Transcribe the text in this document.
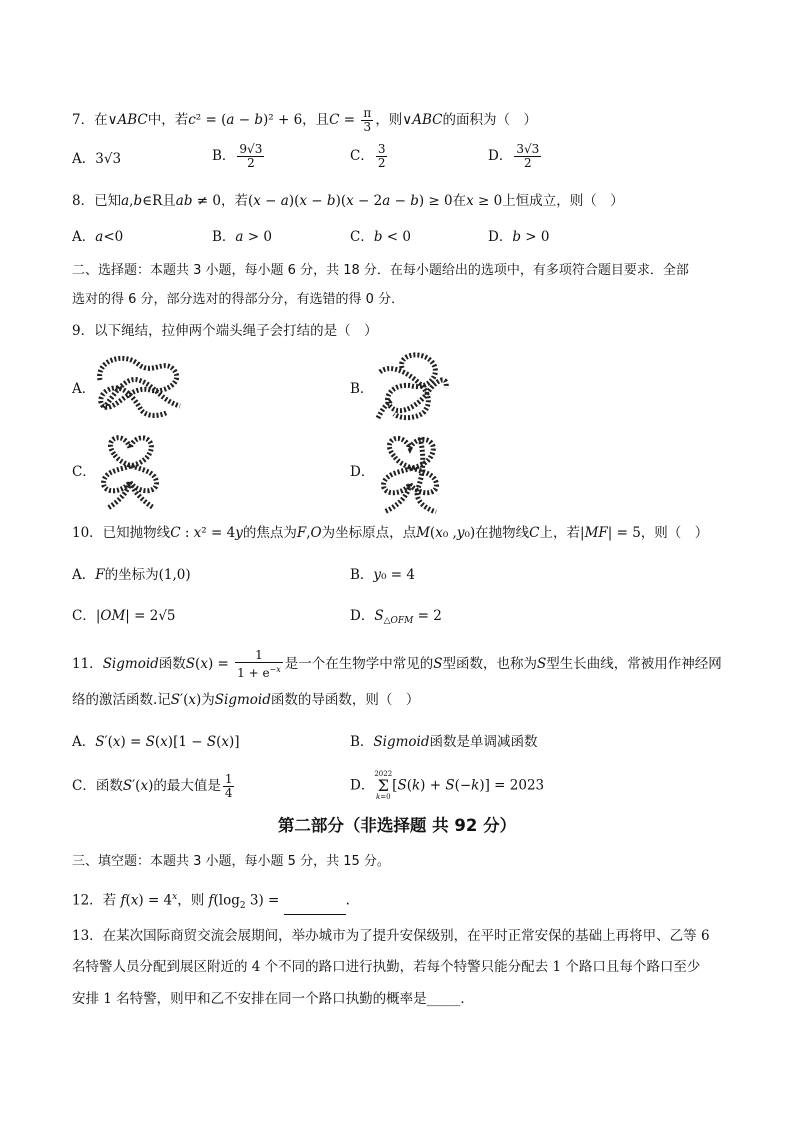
7．在∨ABC中，若c² = (a − b)² + 6，且$C = \frac{\pi}{3}$ ，则∨ABC的面积为（　）
A．3√3	B． $\frac{9√3}{2}$	C． $\frac{3}{2}$	D． $\frac{3√3}{2}$
8．已知a,b∈R且ab ≠ 0，若(x − a)(x − b)(x − 2a − b) ≥ 0在x ≥ 0上恒成立，则（　）
A．a<0	B．a > 0	C．b < 0	D．b > 0
二、选择题：本题共 3 小题，每小题 6 分，共 18 分．在每小题给出的选项中，有多项符合题目要求．全部
选对的得 6 分，部分选对的得部分分，有选错的得 0 分．
9．以下绳结，拉伸两个端头绳子会打结的是（　）
A．	B．
C．	D．
10．已知抛物线C : x² = 4y的焦点为F,O为坐标原点，点M(x₀ ,y₀)在抛物线C上，若|MF| = 5，则（　）
A．F的坐标为(1,0)	B．y₀ = 4
C．|OM| = 2√5	D．$S_{\triangle OFM} = 2$
11．Sigmoid函数$S(x) = \frac{1}{1 + e^{-x}}$ 是一个在生物学中常见的S型函数，也称为S型生长曲线，常被用作神经网
络的激活函数.记S′(x)为Sigmoid函数的导函数，则（　）
A．S′(x) = S(x)[1 − S(x)]	B．Sigmoid函数是单调减函数
C．函数S′(x)的最大值是 $\frac{1}{4}$	D．
2022
Σ
k=0
[S(k) + S(−k)] = 2023
第二部分（非选择题 共 92 分）
三、填空题：本题共 3 小题，每小题 5 分，共 15 分。
12．若 $f(x) = 4^x$，则 $f(\log_2$ 3) =	.
13．在某次国际商贸交流会展期间，举办城市为了提升安保级别，在平时正常安保的基础上再将甲、乙等 6
名特警人员分配到展区附近的 4 个不同的路口进行执勤，若每个特警只能分配去 1 个路口且每个路口至少
安排 1 名特警，则甲和乙不安排在同一个路口执勤的概率是_____．
